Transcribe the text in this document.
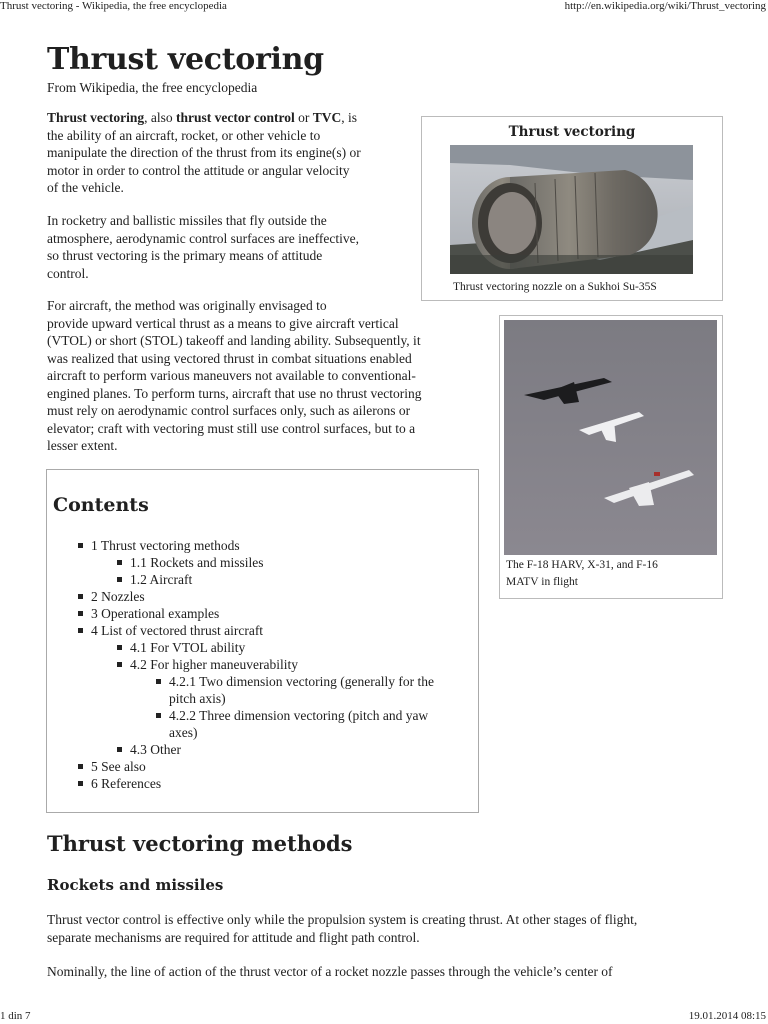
Thrust vectoring - Wikipedia, the free encyclopedia	http://en.wikipedia.org/wiki/Thrust_vectoring
Thrust vectoring
From Wikipedia, the free encyclopedia
Thrust vectoring, also thrust vector control or TVC, is
the ability of an aircraft, rocket, or other vehicle to
manipulate the direction of the thrust from its engine(s) or
motor in order to control the attitude or angular velocity
of the vehicle.
In rocketry and ballistic missiles that fly outside the
atmosphere, aerodynamic control surfaces are ineffective,
so thrust vectoring is the primary means of attitude
control.
For aircraft, the method was originally envisaged to
provide upward vertical thrust as a means to give aircraft vertical
(VTOL) or short (STOL) takeoff and landing ability. Subsequently, it
was realized that using vectored thrust in combat situations enabled
aircraft to perform various maneuvers not available to conventional-
engined planes. To perform turns, aircraft that use no thrust vectoring
must rely on aerodynamic control surfaces only, such as ailerons or
elevator; craft with vectoring must still use control surfaces, but to a
lesser extent.
Thrust vectoring
Thrust vectoring nozzle on a Sukhoi Su-35S
The F-18 HARV, X-31, and F-16
MATV in flight
Contents
1 Thrust vectoring methods
1.1 Rockets and missiles
1.2 Aircraft
2 Nozzles
3 Operational examples
4 List of vectored thrust aircraft
4.1 For VTOL ability
4.2 For higher maneuverability
4.2.1 Two dimension vectoring (generally for the
pitch axis)
4.2.2 Three dimension vectoring (pitch and yaw
axes)
4.3 Other
5 See also
6 References
Thrust vectoring methods
Rockets and missiles
Thrust vector control is effective only while the propulsion system is creating thrust. At other stages of flight,
separate mechanisms are required for attitude and flight path control.
Nominally, the line of action of the thrust vector of a rocket nozzle passes through the vehicle’s center of
1 din 7	19.01.2014 08:15
